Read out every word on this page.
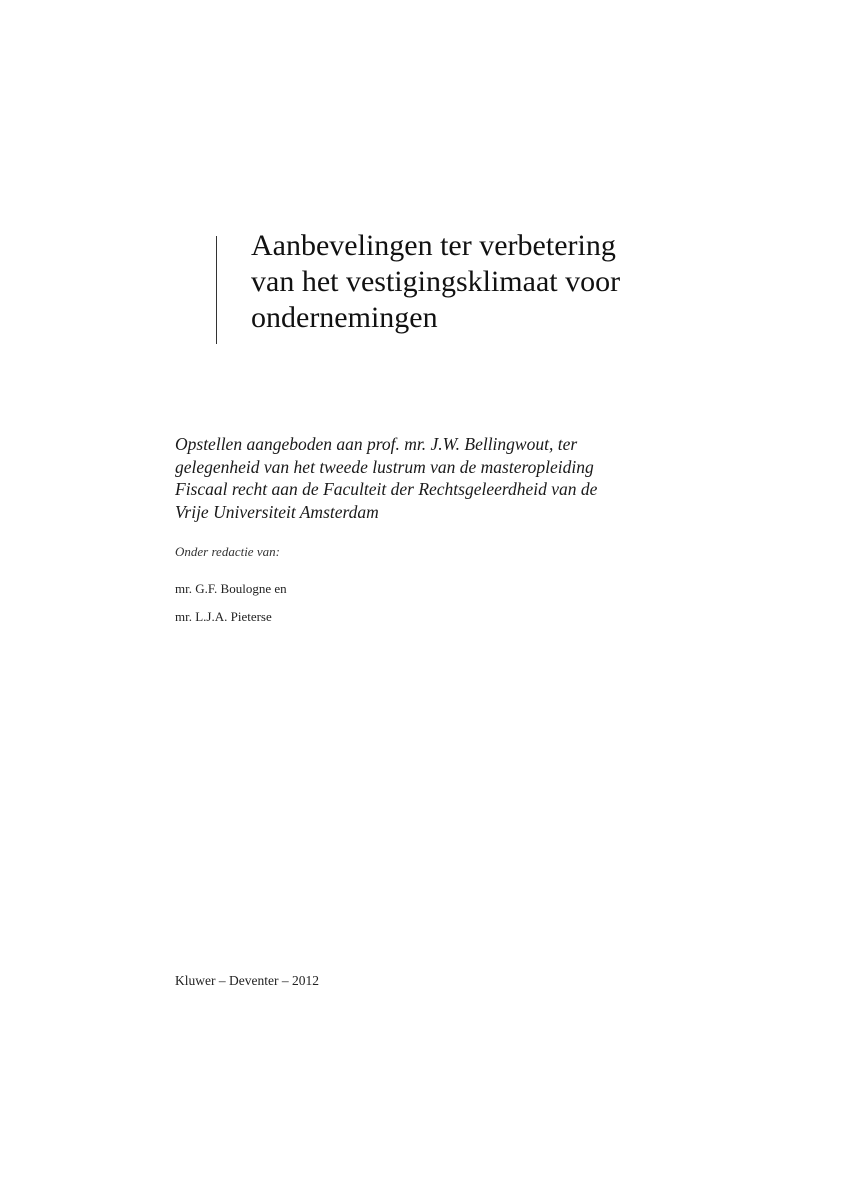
Aanbevelingen ter verbetering
van het vestigingsklimaat voor
ondernemingen

Opstellen aangeboden aan prof. mr. J.W. Bellingwout, ter
gelegenheid van het tweede lustrum van de masteropleiding
Fiscaal recht aan de Faculteit der Rechtsgeleerdheid van de
Vrije Universiteit Amsterdam

Onder redactie van:

mr. G.F. Boulogne en

mr. L.J.A. Pieterse

Kluwer – Deventer – 2012
